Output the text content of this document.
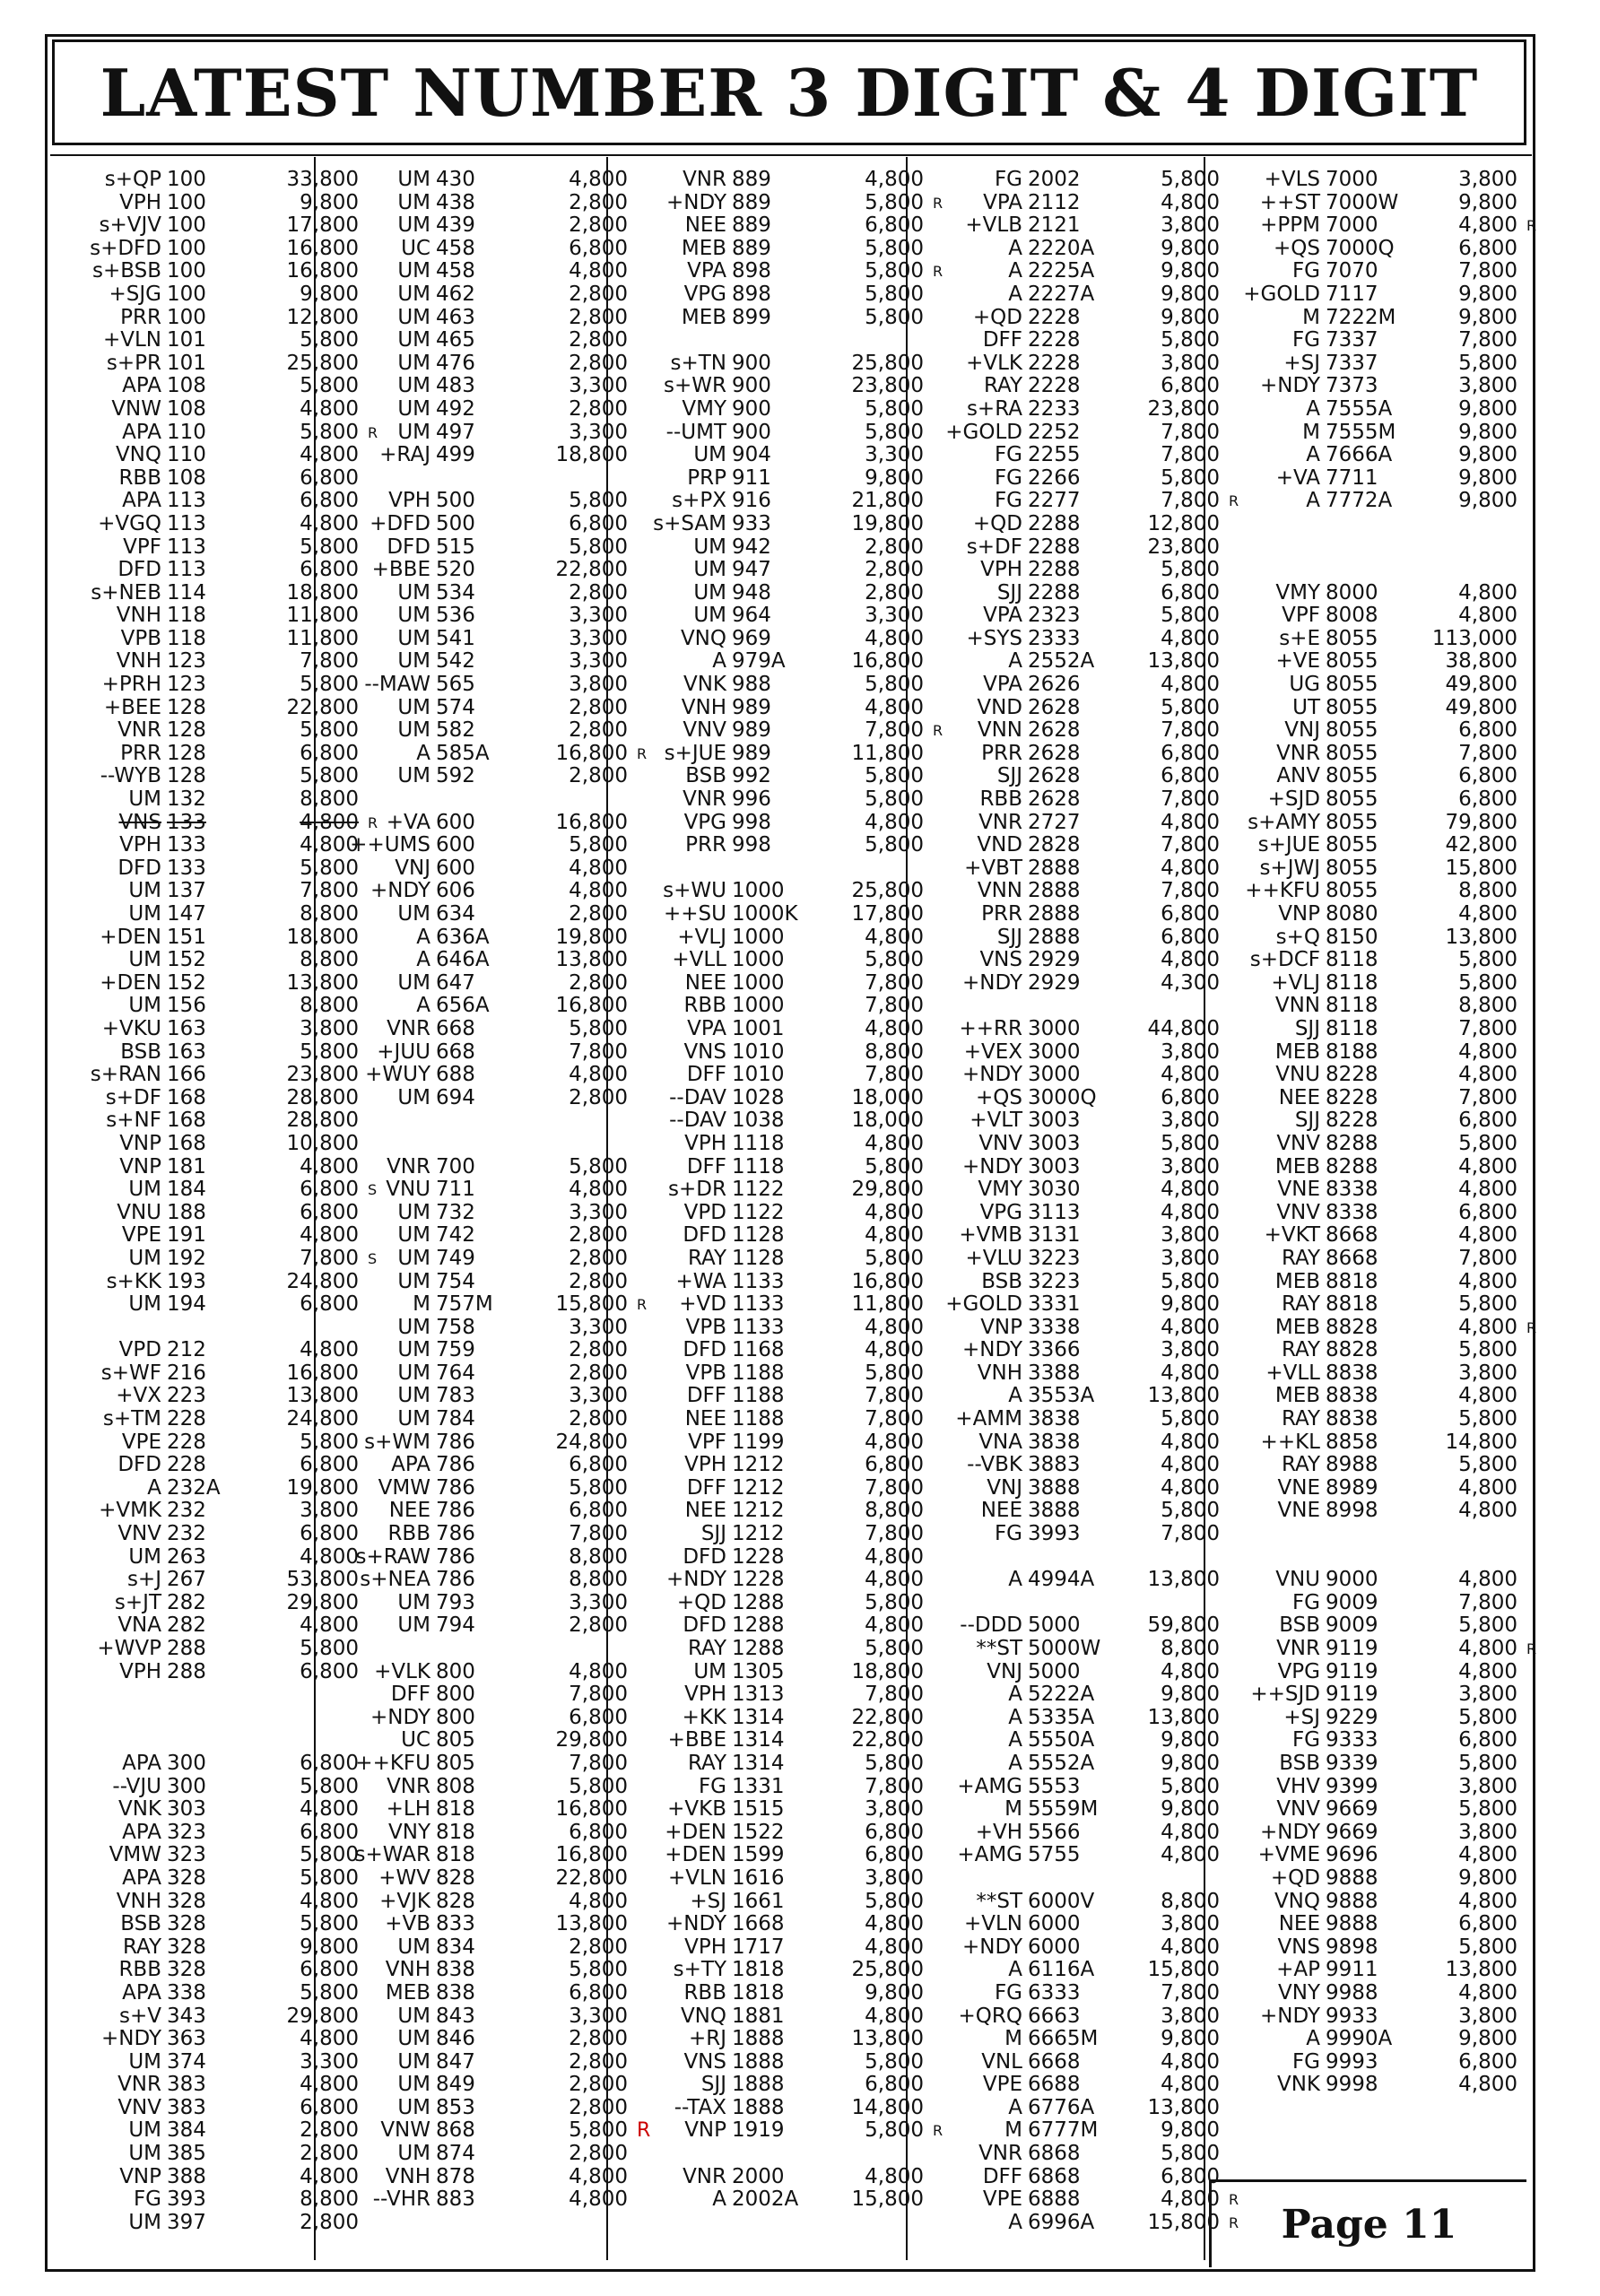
LATEST NUMBER 3 DIGIT & 4 DIGIT
s+QP 100	33,800
VPH 100	9,800
s+VJV 100	17,800
s+DFD 100	16,800
s+BSB 100	16,800
+SJG 100	9,800
PRR 100	12,800
+VLN 101	5,800
s+PR 101	25,800
APA 108	5,800
VNW 108	4,800
APA 110	5,800 R
VNQ 110	4,800
RBB 108	6,800
APA 113	6,800
+VGQ 113	4,800
VPF 113	5,800
DFD 113	6,800
s+NEB 114	18,800
VNH 118	11,800
VPB 118	11,800
VNH 123	7,800
+PRH 123	5,800
+BEE 128	22,800
VNR 128	5,800
PRR 128	6,800
--WYB 128	5,800
UM 132	8,800
VNS 133	4,800 R
VPH 133	4,800
DFD 133	5,800
UM 137	7,800
UM 147	8,800
+DEN 151	18,800
UM 152	8,800
+DEN 152	13,800
UM 156	8,800
+VKU 163	3,800
BSB 163	5,800
s+RAN 166	23,800
s+DF 168	28,800
s+NF 168	28,800
VNP 168	10,800
VNP 181	4,800
UM 184	6,800 S
VNU 188	6,800
VPE 191	4,800
UM 192	7,800 S
s+KK 193	24,800
UM 194	6,800
VPD 212	4,800
s+WF 216	16,800
+VX 223	13,800
s+TM 228	24,800
VPE 228	5,800
DFD 228	6,800
A 232A	19,800
+VMK 232	3,800
VNV 232	6,800
UM 263	4,800
s+J 267	53,800
s+JT 282	29,800
VNA 282	4,800
+WVP 288	5,800
VPH 288	6,800
APA 300	6,800
--VJU 300	5,800
VNK 303	4,800
APA 323	6,800
VMW 323	5,800
APA 328	5,800
VNH 328	4,800
BSB 328	5,800
RAY 328	9,800
RBB 328	6,800
APA 338	5,800
s+V 343	29,800
+NDY 363	4,800
UM 374	3,300
VNR 383	4,800
VNV 383	6,800
UM 384	2,800
UM 385	2,800
VNP 388	4,800
FG 393	8,800
UM 397	2,800
UM 430	4,800
UM 438	2,800
UM 439	2,800
UC 458	6,800
UM 458	4,800
UM 462	2,800
UM 463	2,800
UM 465	2,800
UM 476	2,800
UM 483	3,300
UM 492	2,800
UM 497	3,300
+RAJ 499	18,800
VPH 500	5,800
+DFD 500	6,800
DFD 515	5,800
+BBE 520	22,800
UM 534	2,800
UM 536	3,300
UM 541	3,300
UM 542	3,300
--MAW 565	3,800
UM 574	2,800
UM 582	2,800
A 585A	16,800 R
UM 592	2,800
+VA 600	16,800
++UMS 600	5,800
VNJ 600	4,800
+NDY 606	4,800
UM 634	2,800
A 636A	19,800
A 646A	13,800
UM 647	2,800
A 656A	16,800
VNR 668	5,800
+JUU 668	7,800
+WUY 688	4,800
UM 694	2,800
VNR 700	5,800
VNU 711	4,800
UM 732	3,300
UM 742	2,800
UM 749	2,800
UM 754	2,800
M 757M	15,800 R
UM 758	3,300
UM 759	2,800
UM 764	2,800
UM 783	3,300
UM 784	2,800
s+WM 786	24,800
APA 786	6,800
VMW 786	5,800
NEE 786	6,800
RBB 786	7,800
s+RAW 786	8,800
s+NEA 786	8,800
UM 793	3,300
UM 794	2,800
+VLK 800	4,800
DFF 800	7,800
+NDY 800	6,800
UC 805	29,800
++KFU 805	7,800
VNR 808	5,800
+LH 818	16,800
VNY 818	6,800
s+WAR 818	16,800
+WV 828	22,800
+VJK 828	4,800
+VB 833	13,800
UM 834	2,800
VNH 838	5,800
MEB 838	6,800
UM 843	3,300
UM 846	2,800
UM 847	2,800
UM 849	2,800
UM 853	2,800
VNW 868	5,800 R
UM 874	2,800
VNH 878	4,800
--VHR 883	4,800
VNR 889	4,800
+NDY 889	5,800 R
NEE 889	6,800
MEB 889	5,800
VPA 898	5,800 R
VPG 898	5,800
MEB 899	5,800
s+TN 900	25,800
s+WR 900	23,800
VMY 900	5,800
--UMT 900	5,800
UM 904	3,300
PRP 911	9,800
s+PX 916	21,800
s+SAM 933	19,800
UM 942	2,800
UM 947	2,800
UM 948	2,800
UM 964	3,300
VNQ 969	4,800
A 979A	16,800
VNK 988	5,800
VNH 989	4,800
VNV 989	7,800 R
s+JUE 989	11,800
BSB 992	5,800
VNR 996	5,800
VPG 998	4,800
PRR 998	5,800
s+WU 1000	25,800
++SU 1000K	17,800
+VLJ 1000	4,800
+VLL 1000	5,800
NEE 1000	7,800
RBB 1000	7,800
VPA 1001	4,800
VNS 1010	8,800
DFF 1010	7,800
--DAV 1028	18,000
--DAV 1038	18,000
VPH 1118	4,800
DFF 1118	5,800
s+DR 1122	29,800
VPD 1122	4,800
DFD 1128	4,800
RAY 1128	5,800
+WA 1133	16,800
+VD 1133	11,800
VPB 1133	4,800
DFD 1168	4,800
VPB 1188	5,800
DFF 1188	7,800
NEE 1188	7,800
VPF 1199	4,800
VPH 1212	6,800
DFF 1212	7,800
NEE 1212	8,800
SJJ 1212	7,800
DFD 1228	4,800
+NDY 1228	4,800
+QD 1288	5,800
DFD 1288	4,800
RAY 1288	5,800
UM 1305	18,800
VPH 1313	7,800
+KK 1314	22,800
+BBE 1314	22,800
RAY 1314	5,800
FG 1331	7,800
+VKB 1515	3,800
+DEN 1522	6,800
+DEN 1599	6,800
+VLN 1616	3,800
+SJ 1661	5,800
+NDY 1668	4,800
VPH 1717	4,800
s+TY 1818	25,800
RBB 1818	9,800
VNQ 1881	4,800
+RJ 1888	13,800
VNS 1888	5,800
SJJ 1888	6,800
--TAX 1888	14,800
VNP 1919	5,800 R
VNR 2000	4,800
A 2002A	15,800
FG 2002	5,800
VPA 2112	4,800
+VLB 2121	3,800
A 2220A	9,800
A 2225A	9,800
A 2227A	9,800
+QD 2228	9,800
DFF 2228	5,800
+VLK 2228	3,800
RAY 2228	6,800
s+RA 2233	23,800
+GOLD 2252	7,800
FG 2255	7,800
FG 2266	5,800
FG 2277	7,800 R
+QD 2288	12,800
s+DF 2288	23,800
VPH 2288	5,800
SJJ 2288	6,800
VPA 2323	5,800
+SYS 2333	4,800
A 2552A	13,800
VPA 2626	4,800
VND 2628	5,800
VNN 2628	7,800
PRR 2628	6,800
SJJ 2628	6,800
RBB 2628	7,800
VNR 2727	4,800
VND 2828	7,800
+VBT 2888	4,800
VNN 2888	7,800
PRR 2888	6,800
SJJ 2888	6,800
VNS 2929	4,800
+NDY 2929	4,300
++RR 3000	44,800
+VEX 3000	3,800
+NDY 3000	4,800
+QS 3000Q	6,800
+VLT 3003	3,800
VNV 3003	5,800
+NDY 3003	3,800
VMY 3030	4,800
VPG 3113	4,800
+VMB 3131	3,800
+VLU 3223	3,800
BSB 3223	5,800
+GOLD 3331	9,800
VNP 3338	4,800
+NDY 3366	3,800
VNH 3388	4,800
A 3553A	13,800
+AMM 3838	5,800
VNA 3838	4,800
--VBK 3883	4,800
VNJ 3888	4,800
NEE 3888	5,800
FG 3993	7,800
A 4994A	13,800
--DDD 5000	59,800
**ST 5000W	8,800
VNJ 5000	4,800
A 5222A	9,800
A 5335A	13,800
A 5550A	9,800
A 5552A	9,800
+AMG 5553	5,800
M 5559M	9,800
+VH 5566	4,800
+AMG 5755	4,800
**ST 6000V	8,800
+VLN 6000	3,800
+NDY 6000	4,800
A 6116A	15,800
FG 6333	7,800
+QRQ 6663	3,800
M 6665M	9,800
VNL 6668	4,800
VPE 6688	4,800
A 6776A	13,800
M 6777M	9,800
VNR 6868	5,800
DFF 6868	6,800
VPE 6888	4,800 R
A 6996A	15,800 R
+VLS 7000	3,800
++ST 7000W	9,800
+PPM 7000	4,800 R
+QS 7000Q	6,800
FG 7070	7,800
+GOLD 7117	9,800
M 7222M	9,800
FG 7337	7,800
+SJ 7337	5,800
+NDY 7373	3,800
A 7555A	9,800
M 7555M	9,800
A 7666A	9,800
+VA 7711	9,800
A 7772A	9,800
VMY 8000	4,800
VPF 8008	4,800
s+E 8055	113,000
+VE 8055	38,800
UG 8055	49,800
UT 8055	49,800
VNJ 8055	6,800
VNR 8055	7,800
ANV 8055	6,800
+SJD 8055	6,800
s+AMY 8055	79,800
s+JUE 8055	42,800
s+JWJ 8055	15,800
++KFU 8055	8,800
VNP 8080	4,800
s+Q 8150	13,800
s+DCF 8118	5,800
+VLJ 8118	5,800
VNN 8118	8,800
SJJ 8118	7,800
MEB 8188	4,800
VNU 8228	4,800
NEE 8228	7,800
SJJ 8228	6,800
VNV 8288	5,800
MEB 8288	4,800
VNE 8338	4,800
VNV 8338	6,800
+VKT 8668	4,800
RAY 8668	7,800
MEB 8818	4,800
RAY 8818	5,800
MEB 8828	4,800 R
RAY 8828	5,800
+VLL 8838	3,800
MEB 8838	4,800
RAY 8838	5,800
++KL 8858	14,800
RAY 8988	5,800
VNE 8989	4,800
VNE 8998	4,800
VNU 9000	4,800
FG 9009	7,800
BSB 9009	5,800
VNR 9119	4,800 R
VPG 9119	4,800
++SJD 9119	3,800
+SJ 9229	5,800
FG 9333	6,800
BSB 9339	5,800
VHV 9399	3,800
VNV 9669	5,800
+NDY 9669	3,800
+VME 9696	4,800
+QD 9888	9,800
VNQ 9888	4,800
NEE 9888	6,800
VNS 9898	5,800
+AP 9911	13,800
VNY 9988	4,800
+NDY 9933	3,800
A 9990A	9,800
FG 9993	6,800
VNK 9998	4,800
Page 11
